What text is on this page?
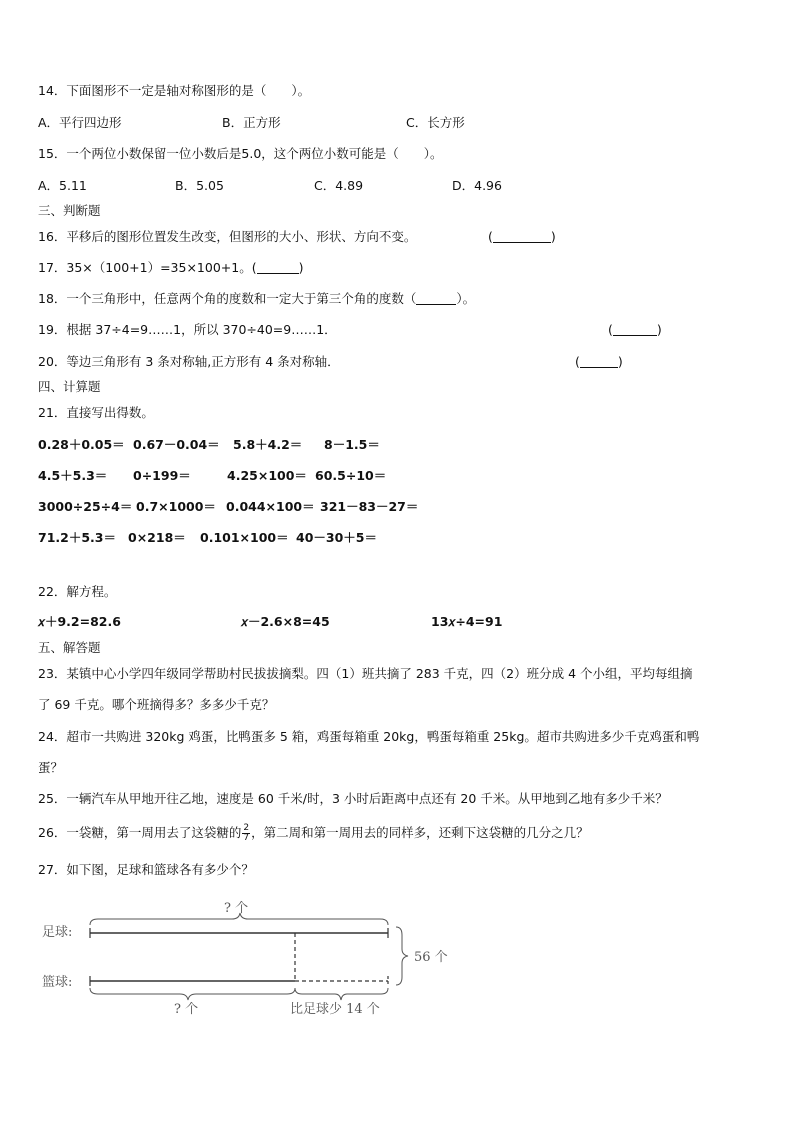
14．下面图形不一定是轴对称图形的是（　　）。
A．平行四边形	B．正方形	C．长方形
15．一个两位小数保留一位小数后是5.0，这个两位小数可能是（　　）。
A．5.11	B．5.05	C．4.89	D．4.96
三、判断题
16．平移后的图形位置发生改变，但图形的大小、形状、方向不变。	(	)
17．35×（100+1）=35×100+1。(	)
18．一个三角形中，任意两个角的度数和一定大于第三个角的度数（	）。
19．根据 37÷4=9……1，所以 370÷40=9……1．	(	)
20．等边三角形有 3 条对称轴,正方形有 4 条对称轴．	(	)
四、计算题
21．直接写出得数。
0.28＋0.05＝ 0.67－0.04＝ 5.8＋4.2＝ 8－1.5＝
4.5＋5.3＝ 0÷199＝	4.25×100＝ 60.5÷10＝
3000÷25÷4＝ 0.7×1000＝ 0.044×100＝ 321－83－27＝
71.2＋5.3＝ 0×218＝ 0.101×100＝ 40－30＋5＝
22．解方程。
𝑥＋9.2=82.6	𝑥－2.6×8=45	13𝑥÷4=91
五、解答题
23．某镇中心小学四年级同学帮助村民拔拔摘梨。四（1）班共摘了 283 千克，四（2）班分成 4 个小组，平均每组摘
了 69 千克。哪个班摘得多？多多少千克？
24．超市一共购进 320kg 鸡蛋，比鸭蛋多 5 箱，鸡蛋每箱重 20kg，鸭蛋每箱重 25kg。超市共购进多少千克鸡蛋和鸭
蛋？
25．一辆汽车从甲地开往乙地，速度是 60 千米/时，3 小时后距离中点还有 20 千米。从甲地到乙地有多少千米？
26．一袋糖，第一周用去了这袋糖的 $\frac{2}{7}$ ，第二周和第一周用去的同样多，还剩下这袋糖的几分之几？
27．如下图，足球和篮球各有多少个？
足球:
篮球:
? 个
56 个
? 个	比足球少 14 个
